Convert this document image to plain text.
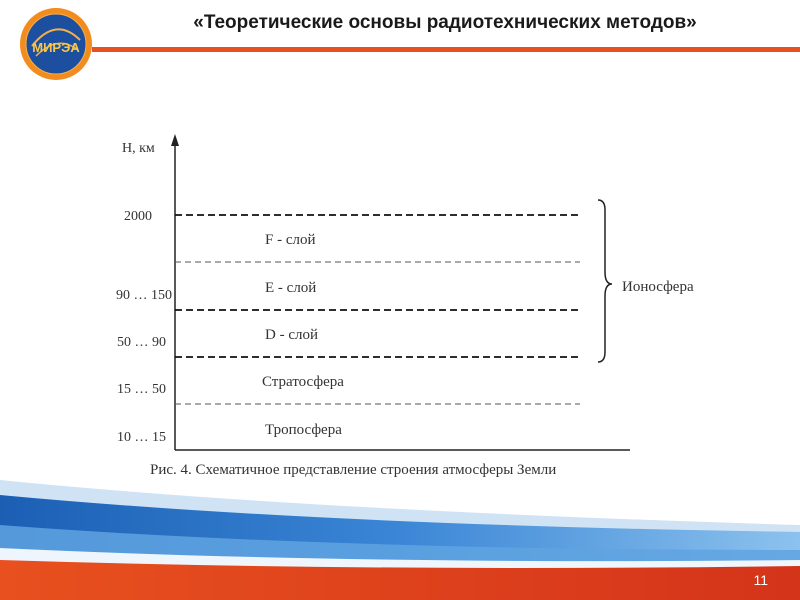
МИРЭА
«Теоретические основы радиотехнических методов»
H, км
2000
90 … 150
50 … 90
15 … 50
10 … 15
F - слой
E - слой
D - слой
Стратосфера
Тропосфера
Ионосфера
Рис. 4. Схематичное представление строения атмосферы Земли
11
